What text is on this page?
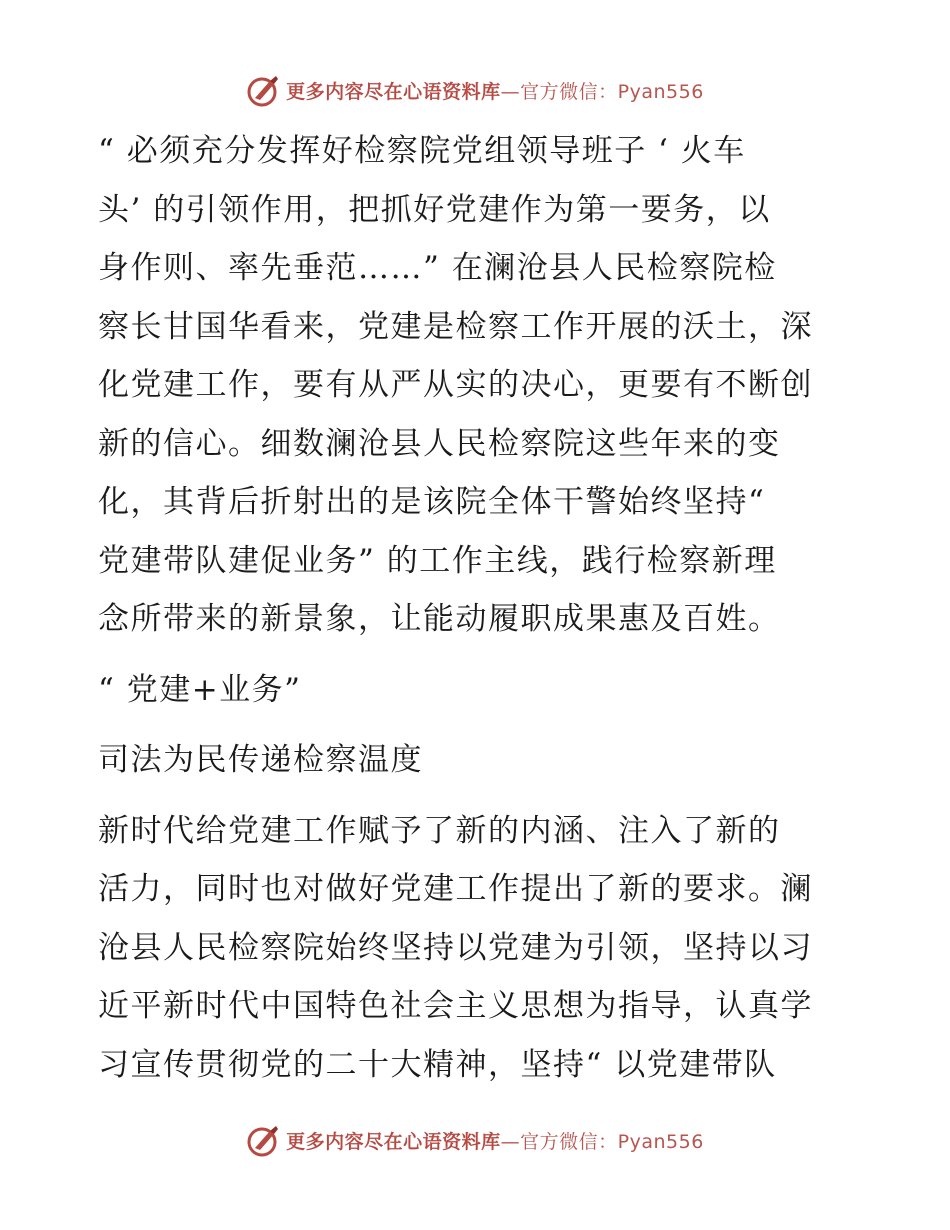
更多内容尽在心语资料库—官方微信：Pyan556

“ 必须充分发挥好检察院党组领导班子 ‘ 火车

头’ 的引领作用，把抓好党建作为第一要务，以

身作则、率先垂范……” 在澜沧县人民检察院检

察长甘国华看来，党建是检察工作开展的沃土，深

化党建工作，要有从严从实的决心，更要有不断创

新的信心。细数澜沧县人民检察院这些年来的变

化，其背后折射出的是该院全体干警始终坚持“

党建带队建促业务” 的工作主线，践行检察新理

念所带来的新景象，让能动履职成果惠及百姓。

“ 党建+业务”

司法为民传递检察温度

新时代给党建工作赋予了新的内涵、注入了新的

活力，同时也对做好党建工作提出了新的要求。澜

沧县人民检察院始终坚持以党建为引领，坚持以习

近平新时代中国特色社会主义思想为指导，认真学

习宣传贯彻党的二十大精神，坚持“ 以党建带队

更多内容尽在心语资料库—官方微信：Pyan556
